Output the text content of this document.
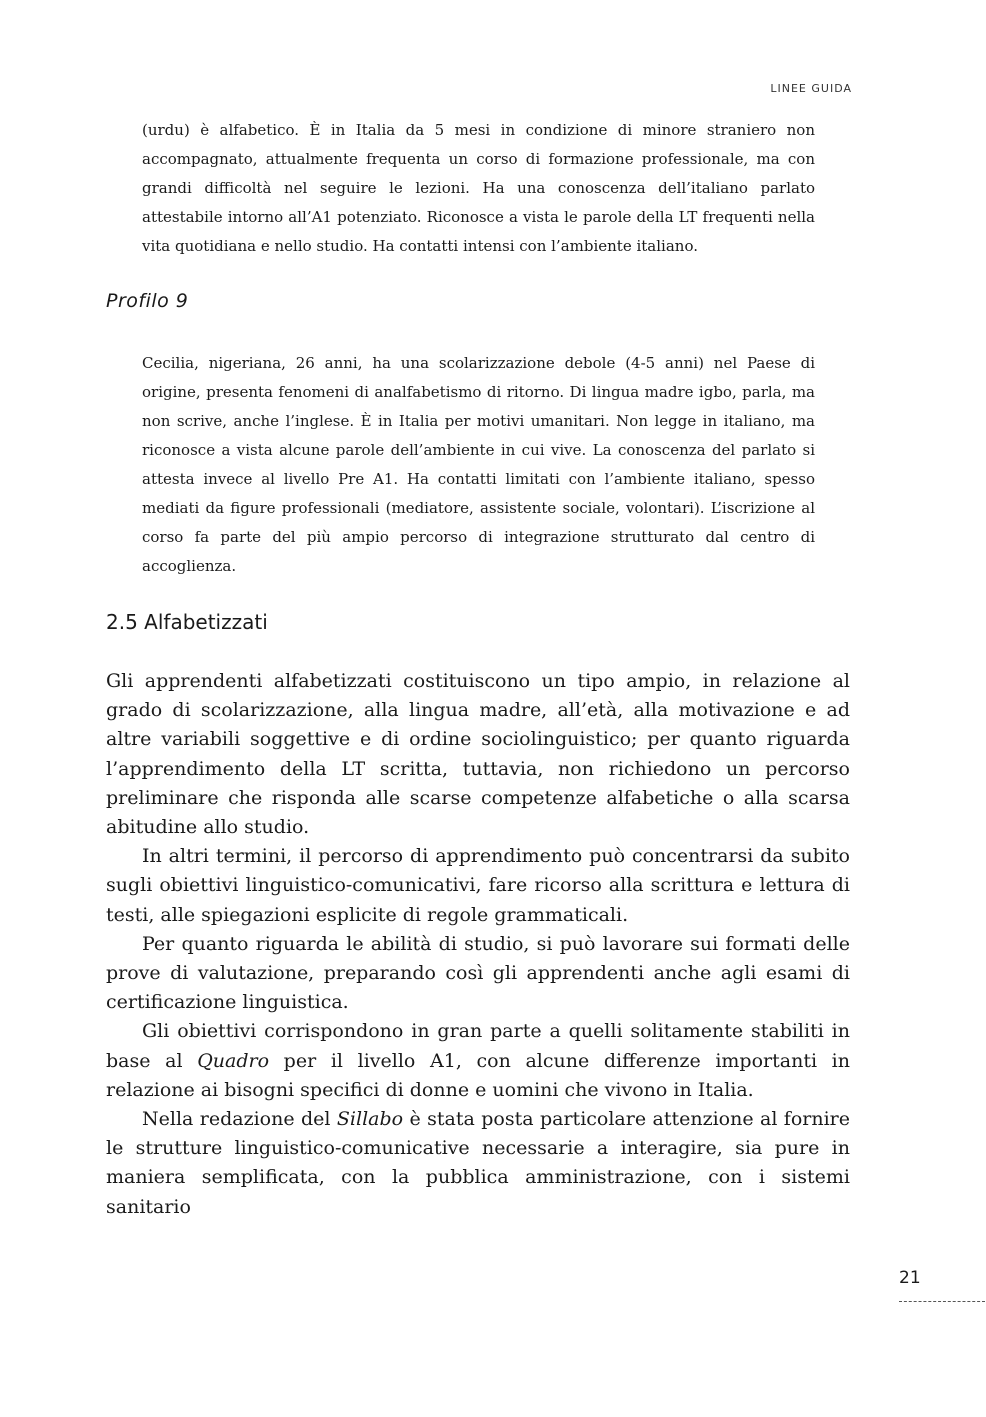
LINEE GUIDA

(urdu) è alfabetico. È in Italia da 5 mesi in condizione di minore straniero non accompagnato, attualmente frequenta un corso di formazione professionale, ma con grandi difficoltà nel seguire le lezioni. Ha una conoscenza dell’italiano parlato attestabile intorno all’A1 potenziato. Riconosce a vista le parole della LT frequenti nella vita quotidiana e nello studio. Ha contatti intensi con l’ambiente italiano.

Profilo 9

Cecilia, nigeriana, 26 anni, ha una scolarizzazione debole (4-5 anni) nel Paese di origine, presenta fenomeni di analfabetismo di ritorno. Di lingua madre igbo, parla, ma non scrive, anche l’inglese. È in Italia per motivi umanitari. Non legge in italiano, ma riconosce a vista alcune parole dell’ambiente in cui vive. La conoscenza del parlato si attesta invece al livello Pre A1. Ha contatti limitati con l’ambiente italiano, spesso mediati da figure professionali (mediatore, assistente sociale, volontari). L’iscrizione al corso fa parte del più ampio percorso di integrazione strutturato dal centro di accoglienza.

2.5 Alfabetizzati

Gli apprendenti alfabetizzati costituiscono un tipo ampio, in relazione al grado di scolarizzazione, alla lingua madre, all’età, alla motivazione e ad altre variabili soggettive e di ordine sociolinguistico; per quanto riguarda l’apprendimento della LT scritta, tuttavia, non richiedono un percorso preliminare che risponda alle scarse competenze alfabetiche o alla scarsa abitudine allo studio.

In altri termini, il percorso di apprendimento può concentrarsi da subito sugli obiettivi linguistico-comunicativi, fare ricorso alla scrittura e lettura di testi, alle spiegazioni esplicite di regole grammaticali.

Per quanto riguarda le abilità di studio, si può lavorare sui formati delle prove di valutazione, preparando così gli apprendenti anche agli esami di certificazione linguistica.

Gli obiettivi corrispondono in gran parte a quelli solitamente stabiliti in base al Quadro per il livello A1, con alcune differenze importanti in relazione ai bisogni specifici di donne e uomini che vivono in Italia.

Nella redazione del Sillabo è stata posta particolare attenzione al fornire le strutture linguistico-comunicative necessarie a interagire, sia pure in maniera semplificata, con la pubblica amministrazione, con i sistemi sanitario

21
